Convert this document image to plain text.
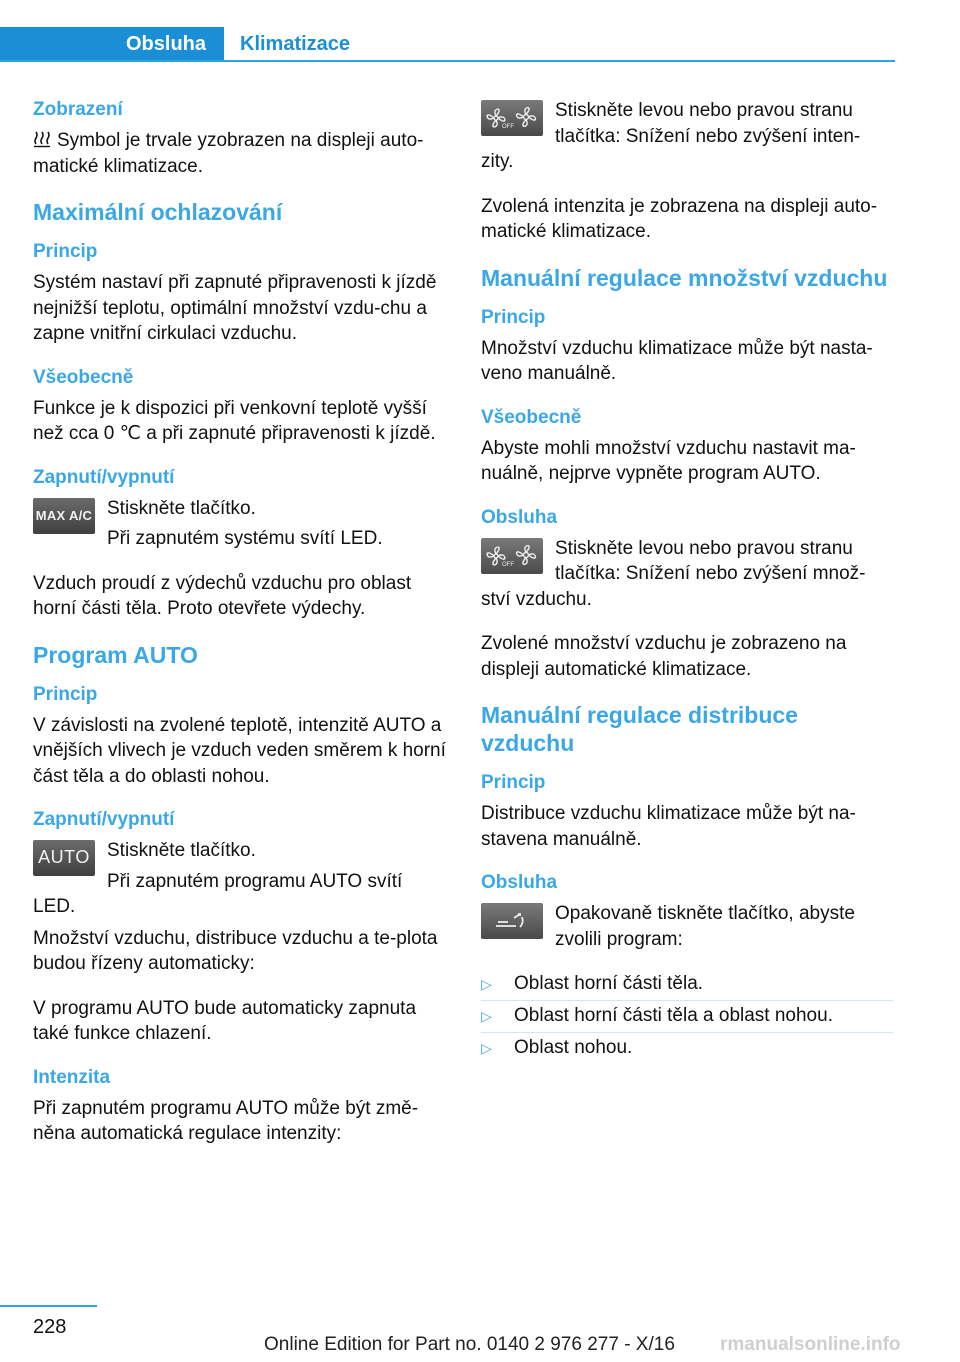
Obsluha	Klimatizace
Zobrazení
Symbol je trvale yzobrazen na displeji auto-
matické klimatizace.
Maximální ochlazování
Princip
Systém nastaví při zapnuté připravenosti k jízdě nejnižší teplotu, optimální množství vzdu-chu a zapne vnitřní cirkulaci vzduchu.
Všeobecně
Funkce je k dispozici při venkovní teplotě vyšší než cca 0 ℃ a při zapnuté připravenosti k jízdě.
Zapnutí/vypnutí
MAX A/C Stiskněte tlačítko.
Při zapnutém systému svítí LED.
Vzduch proudí z výdechů vzduchu pro oblast horní části těla. Proto otevřete výdechy.
Program AUTO
Princip
V závislosti na zvolené teplotě, intenzitě AUTO a vnějších vlivech je vzduch veden směrem k horní část těla a do oblasti nohou.
Zapnutí/vypnutí
AUTO Stiskněte tlačítko.
Při zapnutém programu AUTO svítí
LED.
Množství vzduchu, distribuce vzduchu a te-plota budou řízeny automaticky:
V programu AUTO bude automaticky zapnuta také funkce chlazení.
Intenzita
Při zapnutém programu AUTO může být změ-něna automatická regulace intenzity:
OFF
Stiskněte levou nebo pravou stranu
tlačítka: Snížení nebo zvýšení inten-
zity.
Zvolená intenzita je zobrazena na displeji auto-matické klimatizace.
Manuální regulace množství vzduchu
Princip
Množství vzduchu klimatizace může být nasta-veno manuálně.
Všeobecně
Abyste mohli množství vzduchu nastavit ma-nuálně, nejprve vypněte program AUTO.
Obsluha
OFF
Stiskněte levou nebo pravou stranu
tlačítka: Snížení nebo zvýšení množ-
ství vzduchu.
Zvolené množství vzduchu je zobrazeno na displeji automatické klimatizace.
Manuální regulace distribuce vzduchu
Princip
Distribuce vzduchu klimatizace může být na-stavena manuálně.
Obsluha
Opakovaně tiskněte tlačítko, abyste
zvolili program:
▷ Oblast horní části těla.
▷ Oblast horní části těla a oblast nohou.
▷ Oblast nohou.
228
Online Edition for Part no. 0140 2 976 277 - X/16 rmanualsonline.info
